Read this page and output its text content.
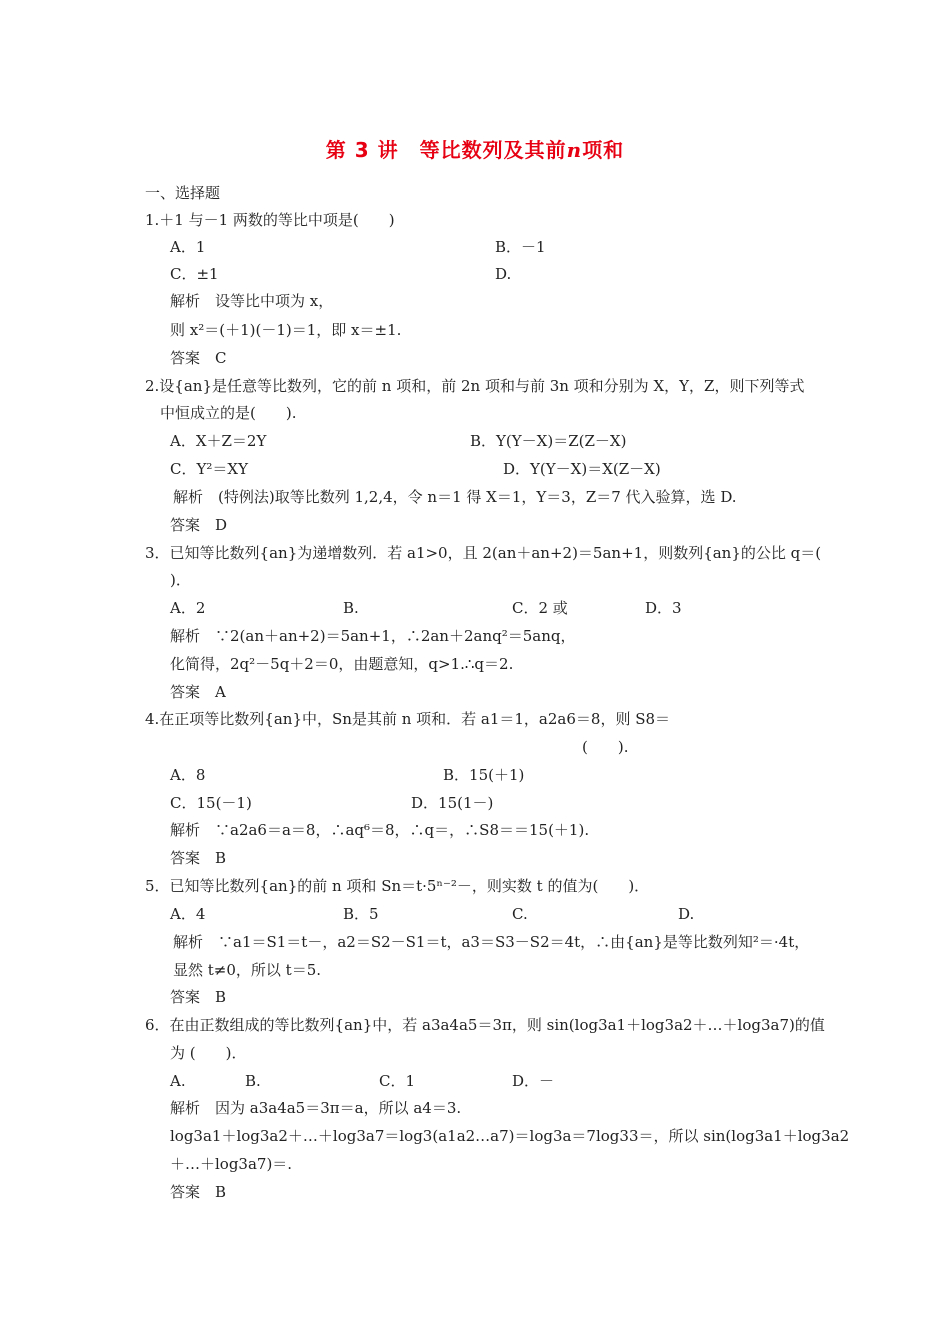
第 3 讲　等比数列及其前n项和
一、选择题
1.＋1 与－1 两数的等比中项是(　　)
A．1	B．－1
C．±1	D.
解析　设等比中项为 x，
则 x²＝(＋1)(－1)＝1，即 x＝±1.
答案　C
2.设{an}是任意等比数列，它的前 n 项和，前 2n 项和与前 3n 项和分别为 X，Y，Z，则下列等式
中恒成立的是(　　).
A．X＋Z＝2Y	B．Y(Y－X)＝Z(Z－X)
C．Y²＝XY	D．Y(Y－X)＝X(Z－X)
解析　(特例法)取等比数列 1,2,4，令 n＝1 得 X＝1，Y＝3，Z＝7 代入验算，选 D.
答案　D
3．已知等比数列{an}为递增数列．若 a1>0，且 2(an＋an+2)＝5an+1，则数列{an}的公比 q＝(
)．
A．2	B.	C．2 或	D．3
解析　∵2(an＋an+2)＝5an+1，∴2an＋2anq²＝5anq，
化简得，2q²－5q＋2＝0，由题意知，q>1.∴q＝2.
答案　A
4.在正项等比数列{an}中，Sn是其前 n 项和．若 a1＝1，a2a6＝8，则 S8＝
(　　).
A．8	B．15(＋1)
C．15(－1)	D．15(1－)
解析　∵a2a6＝a＝8，∴aq⁶＝8，∴q＝，∴S8＝＝15(＋1).
答案　B
5．已知等比数列{an}的前 n 项和 Sn＝t·5ⁿ⁻²－，则实数 t 的值为(　　)．
A．4	B．5	C.	D.
解析　∵a1＝S1＝t－，a2＝S2－S1＝t，a3＝S3－S2＝4t，∴由{an}是等比数列知²＝·4t，
显然 t≠0，所以 t＝5.
答案　B
6．在由正数组成的等比数列{an}中，若 a3a4a5＝3π，则 sin(log3a1＋log3a2＋…＋log3a7)的值
为 (　　)．
A.	B.	C．1	D．－
解析　因为 a3a4a5＝3π＝a，所以 a4＝3.
log3a1＋log3a2＋…＋log3a7＝log3(a1a2…a7)＝log3a＝7log33＝，所以 sin(log3a1＋log3a2
＋…＋log3a7)＝.
答案　B
